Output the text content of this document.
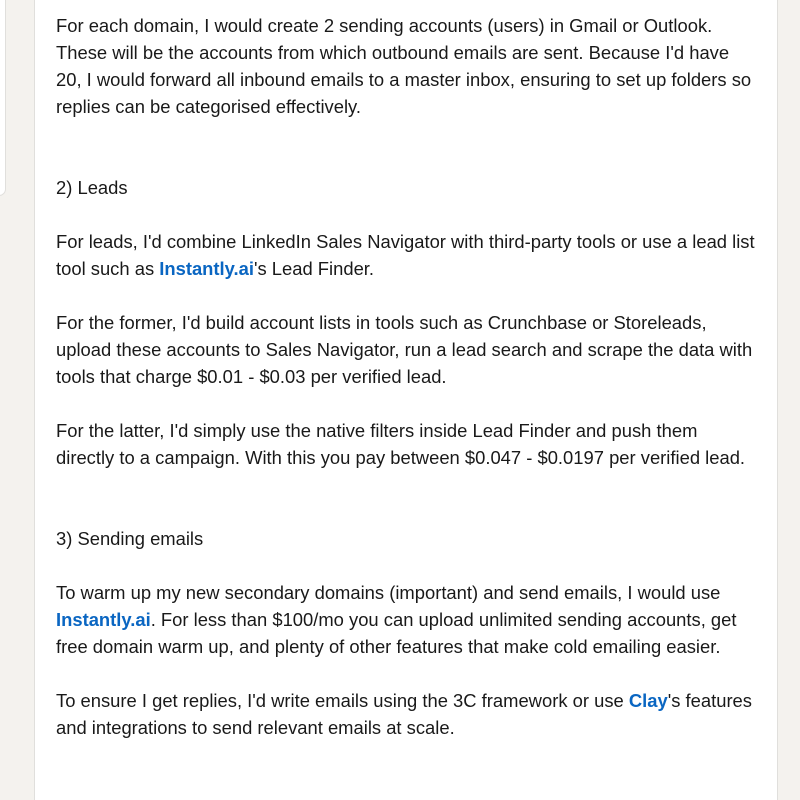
For each domain, I would create 2 sending accounts (users) in Gmail or Outlook. These will be the accounts from which outbound emails are sent. Because I'd have 20, I would forward all inbound emails to a master inbox, ensuring to set up folders so replies can be categorised effectively.

2) Leads

For leads, I'd combine LinkedIn Sales Navigator with third-party tools or use a lead list tool such as Instantly.ai's Lead Finder.

For the former, I'd build account lists in tools such as Crunchbase or Storeleads, upload these accounts to Sales Navigator, run a lead search and scrape the data with tools that charge $0.01 - $0.03 per verified lead.

For the latter, I'd simply use the native filters inside Lead Finder and push them directly to a campaign. With this you pay between $0.047 - $0.0197 per verified lead.

3) Sending emails

To warm up my new secondary domains (important) and send emails, I would use Instantly.ai. For less than $100/mo you can upload unlimited sending accounts, get free domain warm up, and plenty of other features that make cold emailing easier.

To ensure I get replies, I'd write emails using the 3C framework or use Clay's features and integrations to send relevant emails at scale.
